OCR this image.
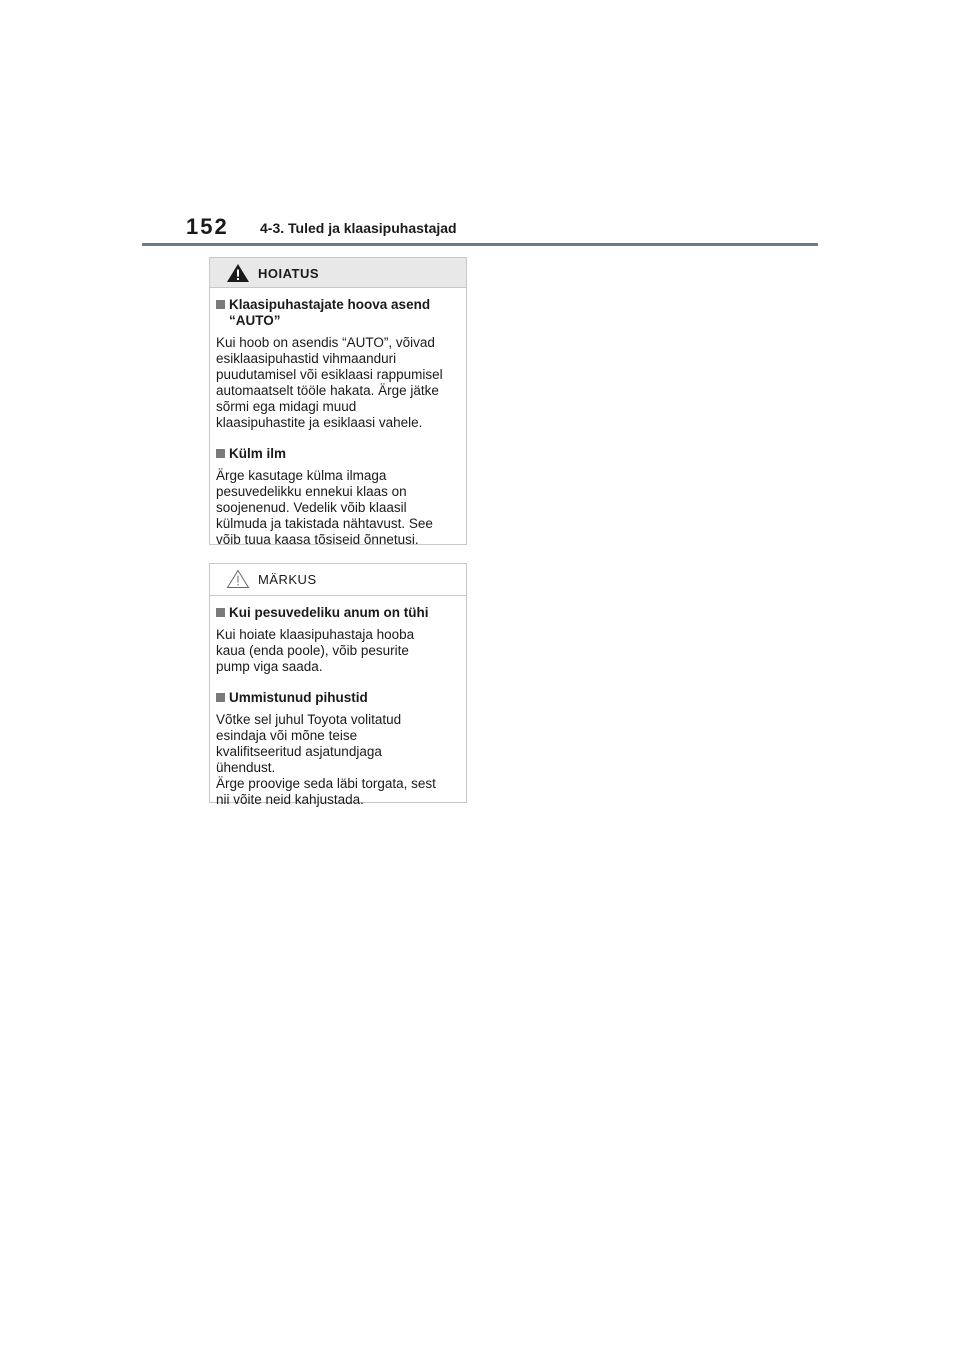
152 4-3. Tuled ja klaasipuhastajad
HOIATUS
Klaasipuhastajate hoova asend
“AUTO”

Kui hoob on asendis “AUTO”, võivad
esiklaasipuhastid vihmaanduri
puudutamisel või esiklaasi rappumisel
automaatselt tööle hakata. Ärge jätke
sõrmi ega midagi muud
klaasipuhastite ja esiklaasi vahele.

Külm ilm

Ärge kasutage külma ilmaga
pesuvedelikku ennekui klaas on
soojenenud. Vedelik võib klaasil
külmuda ja takistada nähtavust. See
võib tuua kaasa tõsiseid õnnetusi.

MÄRKUS
Kui pesuvedeliku anum on tühi

Kui hoiate klaasipuhastaja hooba
kaua (enda poole), võib pesurite
pump viga saada.

Ummistunud pihustid

Võtke sel juhul Toyota volitatud
esindaja või mõne teise
kvalifitseeritud asjatundjaga
ühendust.
Ärge proovige seda läbi torgata, sest
nii võite neid kahjustada.
